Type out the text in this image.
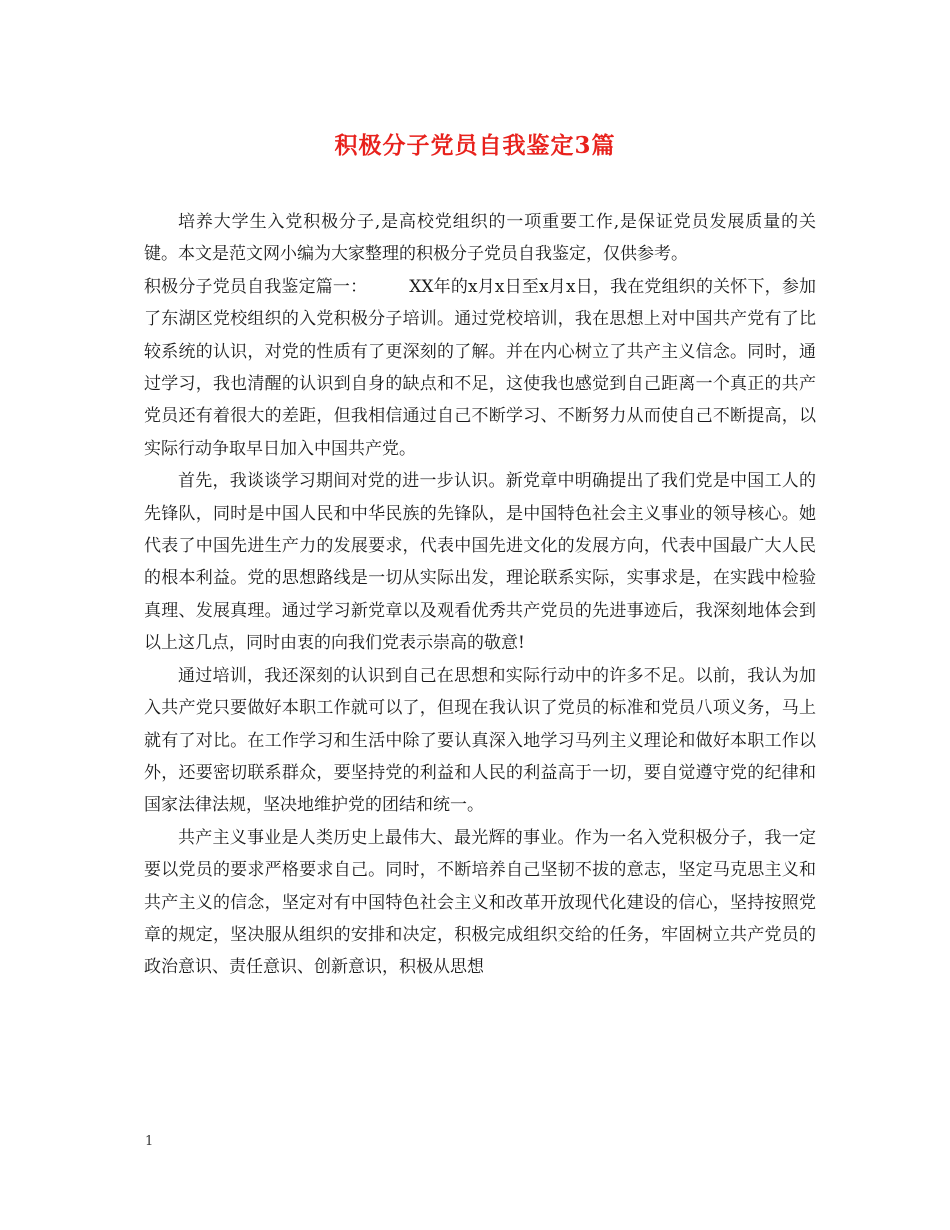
积极分子党员自我鉴定3篇

培养大学生入党积极分子,是高校党组织的一项重要工作,是保证党员发展质量的关键。本文是范文网小编为大家整理的积极分子党员自我鉴定，仅供参考。

积极分子党员自我鉴定篇一： XX年的x月x日至x月x日，我在党组织的关怀下，参加了东湖区党校组织的入党积极分子培训。通过党校培训，我在思想上对中国共产党有了比较系统的认识，对党的性质有了更深刻的了解。并在内心树立了共产主义信念。同时，通过学习，我也清醒的认识到自身的缺点和不足，这使我也感觉到自己距离一个真正的共产党员还有着很大的差距，但我相信通过自己不断学习、不断努力从而使自己不断提高，以实际行动争取早日加入中国共产党。

首先，我谈谈学习期间对党的进一步认识。新党章中明确提出了我们党是中国工人的先锋队，同时是中国人民和中华民族的先锋队，是中国特色社会主义事业的领导核心。她代表了中国先进生产力的发展要求，代表中国先进文化的发展方向，代表中国最广大人民的根本利益。党的思想路线是一切从实际出发，理论联系实际，实事求是，在实践中检验真理、发展真理。通过学习新党章以及观看优秀共产党员的先进事迹后，我深刻地体会到以上这几点，同时由衷的向我们党表示崇高的敬意!

通过培训，我还深刻的认识到自己在思想和实际行动中的许多不足。以前，我认为加入共产党只要做好本职工作就可以了，但现在我认识了党员的标准和党员八项义务，马上就有了对比。在工作学习和生活中除了要认真深入地学习马列主义理论和做好本职工作以外，还要密切联系群众，要坚持党的利益和人民的利益高于一切，要自觉遵守党的纪律和国家法律法规，坚决地维护党的团结和统一。

共产主义事业是人类历史上最伟大、最光辉的事业。作为一名入党积极分子，我一定要以党员的要求严格要求自己。同时，不断培养自己坚韧不拔的意志，坚定马克思主义和共产主义的信念，坚定对有中国特色社会主义和改革开放现代化建设的信心，坚持按照党章的规定，坚决服从组织的安排和决定，积极完成组织交给的任务，牢固树立共产党员的政治意识、责任意识、创新意识，积极从思想

1
